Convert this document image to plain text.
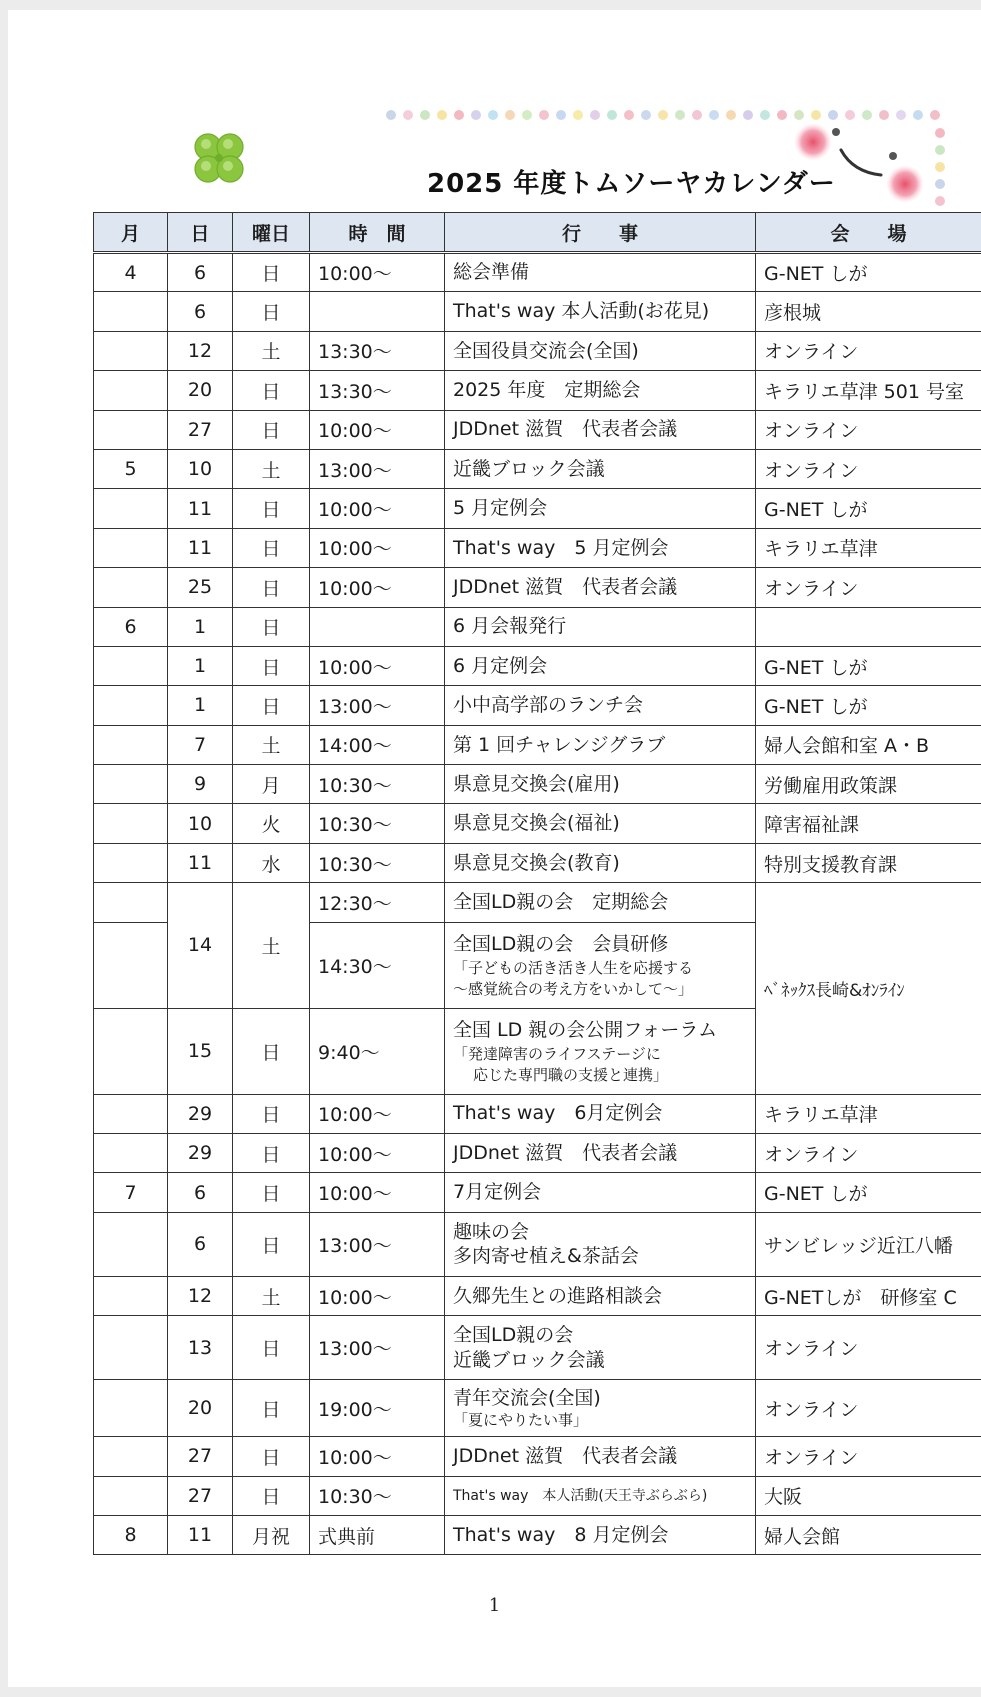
2025 年度トムソーヤカレンダー
月	日	曜日	時　間	行　　事	会　　場
4	6	日	10:00～	総会準備	G-NET しが
	6	日		That's way 本人活動(お花見)	彦根城
	12	土	13:30～	全国役員交流会(全国)	オンライン
	20	日	13:30～	2025 年度　定期総会	キラリエ草津 501 号室
	27	日	10:00～	JDDnet 滋賀　代表者会議	オンライン
5	10	土	13:00～	近畿ブロック会議	オンライン
	11	日	10:00～	5 月定例会	G-NET しが
	11	日	10:00～	That's way　5 月定例会	キラリエ草津
	25	日	10:00～	JDDnet 滋賀　代表者会議	オンライン
6	1	日		6 月会報発行	
	1	日	10:00～	6 月定例会	G-NET しが
	1	日	13:00～	小中高学部のランチ会	G-NET しが
	7	土	14:00～	第 1 回チャレンジグラブ	婦人会館和室 A・B
	9	月	10:30～	県意見交換会(雇用)	労働雇用政策課
	10	火	10:30～	県意見交換会(福祉)	障害福祉課
	11	水	10:30～	県意見交換会(教育)	特別支援教育課
	14	土	12:30～	全国LD親の会　定期総会	ﾍﾞﾈｯｸｽ長崎&ｵﾝﾗｲﾝ
			14:30～	全国LD親の会　会員研修
「子どもの活き活き人生を応援する
～感覚統合の考え方をいかして～」	

	15	日	9:40～	全国 LD 親の会公開フォーラム
「発達障害のライフステージに
応じた専門職の支援と連携」	

	29	日	10:00～	That's way　6月定例会	キラリエ草津
	29	日	10:00～	JDDnet 滋賀　代表者会議	オンライン
7	6	日	10:00～	7月定例会	G-NET しが
	6	日	13:00～	趣味の会
多肉寄せ植え&茶話会	サンビレッジ近江八幡
	12	土	10:00～	久郷先生との進路相談会	G-NETしが　研修室 C
	13	日	13:00～	全国LD親の会
近畿ブロック会議	オンライン
	20	日	19:00～	青年交流会(全国)
「夏にやりたい事」	オンライン
	27	日	10:00～	JDDnet 滋賀　代表者会議	オンライン
	27	日	10:30～	That's way　本人活動(天王寺ぶらぶら)	大阪
8	11	月祝	式典前	That's way　8 月定例会	婦人会館
1
